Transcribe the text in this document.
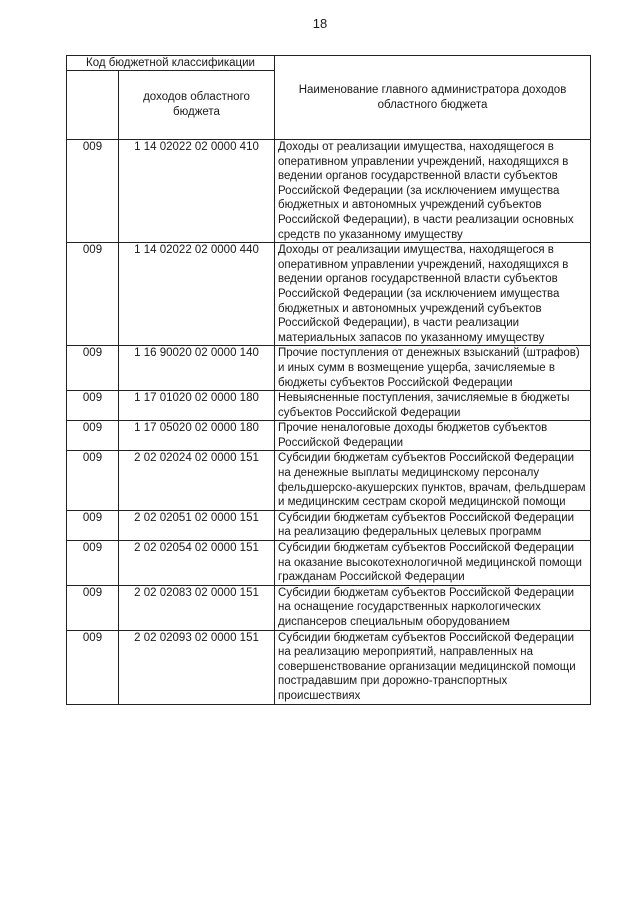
18
Код бюджетной классификации		Наименование главного администратора доходов областного бюджета
	доходов областного бюджета	
009	1 14 02022 02 0000 410	Доходы от реализации имущества, находящегося в оперативном управлении учреждений, находящихся в ведении органов государственной власти субъектов Российской Федерации (за исключением имущества бюджетных и автономных учреждений субъектов Российской Федерации), в части реализации основных средств по указанному имуществу
009	1 14 02022 02 0000 440	Доходы от реализации имущества, находящегося в оперативном управлении учреждений, находящихся в ведении органов государственной власти субъектов Российской Федерации (за исключением имущества бюджетных и автономных учреждений субъектов Российской Федерации), в части реализации материальных запасов по указанному имуществу
009	1 16 90020 02 0000 140	Прочие поступления от денежных взысканий (штрафов) и иных сумм в возмещение ущерба, зачисляемые в бюджеты субъектов Российской Федерации
009	1 17 01020 02 0000 180	Невыясненные поступления, зачисляемые в бюджеты субъектов Российской Федерации
009	1 17 05020 02 0000 180	Прочие неналоговые доходы бюджетов субъектов Российской Федерации
009	2 02 02024 02 0000 151	Субсидии бюджетам субъектов Российской Федерации на денежные выплаты медицинскому персоналу фельдшерско-акушерских пунктов, врачам, фельдшерам и медицинским сестрам скорой медицинской помощи
009	2 02 02051 02 0000 151	Субсидии бюджетам субъектов Российской Федерации на реализацию федеральных целевых программ
009	2 02 02054 02 0000 151	Субсидии бюджетам субъектов Российской Федерации на оказание высокотехнологичной медицинской помощи гражданам Российской Федерации
009	2 02 02083 02 0000 151	Субсидии бюджетам субъектов Российской Федерации на оснащение государственных наркологических диспансеров специальным оборудованием
009	2 02 02093 02 0000 151	Субсидии бюджетам субъектов Российской Федерации на реализацию мероприятий, направленных на совершенствование организации медицинской помощи пострадавшим при дорожно-транспортных происшествиях
